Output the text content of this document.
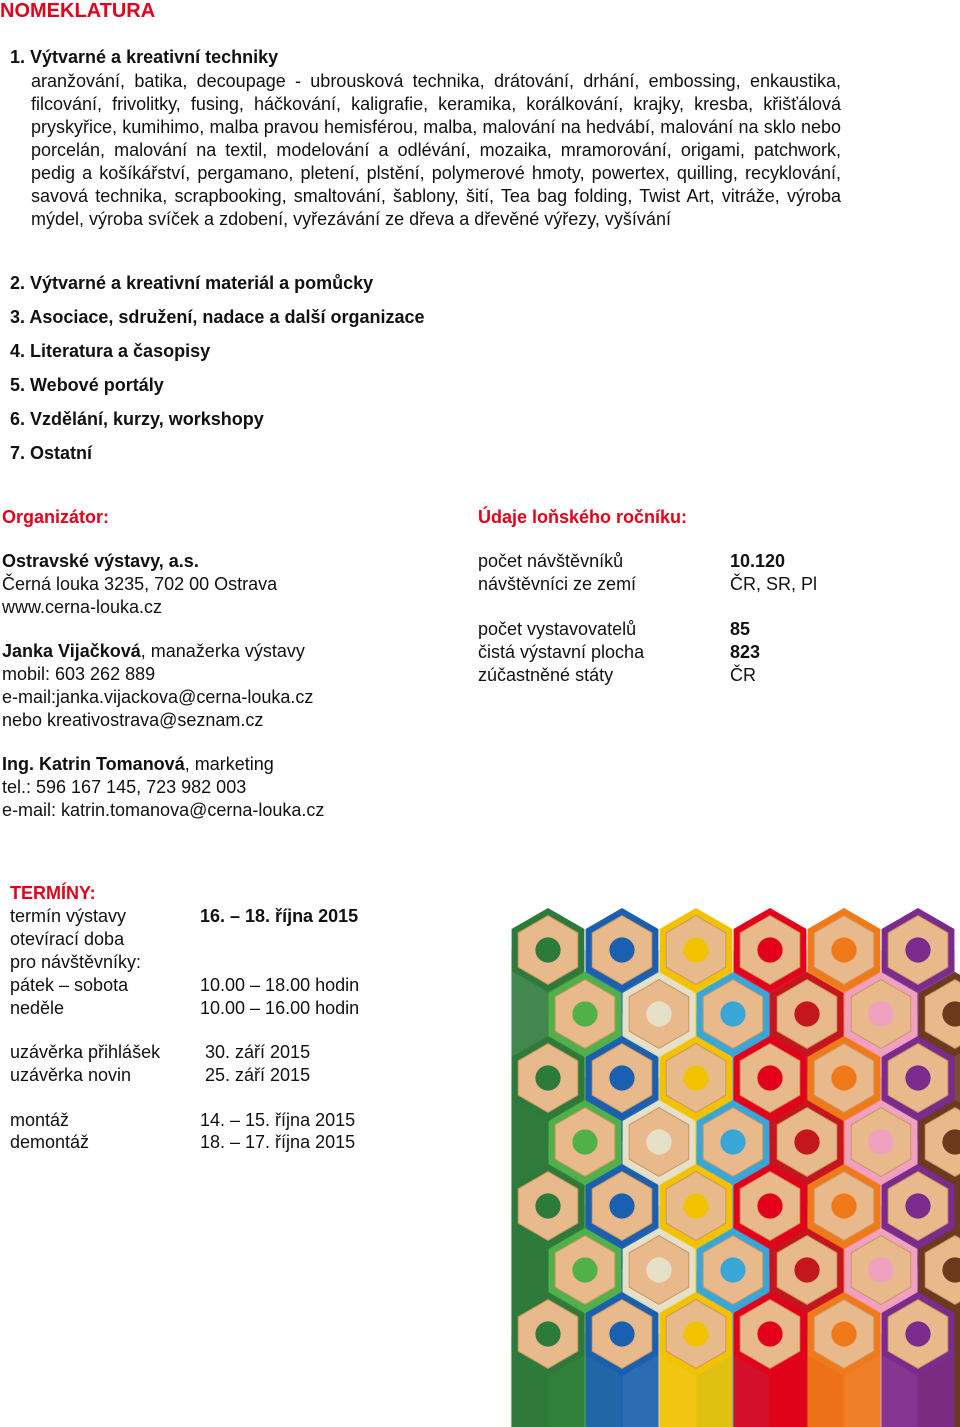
NOMEKLATURA
1. Výtvarné a kreativní techniky
aranžování, batika, decoupage - ubrousková technika, drátování, drhání, embossing, enkaustika, filcování, frivolitky, fusing, háčkování, kaligrafie, keramika, korálkování, krajky, kresba, křišťálová pryskyřice, kumihimo, malba pravou hemisférou, malba, malování na hedvábí, malování na sklo nebo porcelán, malování na textil, modelování a odlévání, mozaika, mramorování, origami, patchwork, pedig a košíkářství, pergamano, pletení, plstění, polymerové hmoty, powertex, quilling, recyklování, savová technika, scrapbooking, smaltování, šablony, šití, Tea bag folding, Twist Art, vitráže, výroba mýdel, výroba svíček a zdobení, vyřezávání ze dřeva a dřevěné výřezy, vyšívání
2. Výtvarné a kreativní materiál a pomůcky
3. Asociace, sdružení, nadace a další organizace
4. Literatura a časopisy
5. Webové portály
6. Vzdělání, kurzy, workshopy
7. Ostatní
Organizátor:
Ostravské výstavy, a.s.
Černá louka 3235, 702 00 Ostrava
www.cerna-louka.cz
Janka Vijačková, manažerka výstavy
mobil: 603 262 889
e-mail:janka.vijackova@cerna-louka.cz
nebo kreativostrava@seznam.cz
Ing. Katrin Tomanová, marketing
tel.: 596 167 145, 723 982 003
e-mail: katrin.tomanova@cerna-louka.cz
Údaje loňského ročníku:
počet návštěvníků	10.120
návštěvníci ze zemí	ČR, SR, Pl
počet vystavovatelů	85
čistá výstavní plocha	823
zúčastněné státy	ČR
TERMÍNY:
termín výstavy	16. – 18. října 2015
otevírací doba
pro návštěvníky:
pátek – sobota	10.00 – 18.00 hodin
neděle	10.00 – 16.00 hodin
uzávěrka přihlášek 30. září 2015
uzávěrka novin	25. září 2015
montáž	14. – 15. října 2015
demontáž	18. – 17. října 2015
